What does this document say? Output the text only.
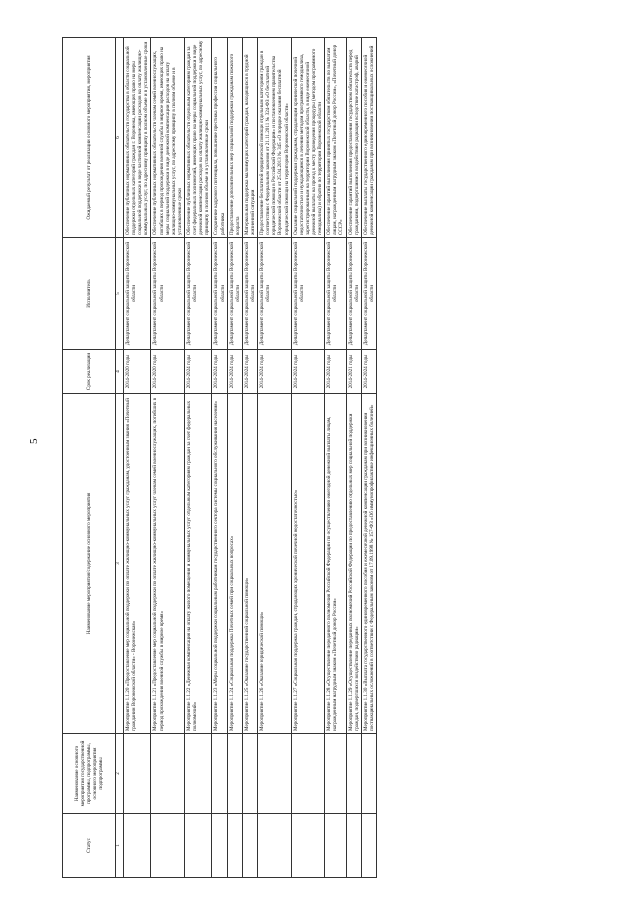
5
Статус	Наименование основного мероприятия государственной программы, подпрограммы, основного мероприятия подпрограммы	Наименование мероприятия/содержание основного мероприятия	Срок реализации	Исполнитель	Ожидаемый результат от реализации основного мероприятия, мероприятия
1	2	3	4	5	6
		Мероприятие 1.1.20 «Предоставление мер социальной поддержки по оплате жилищно-коммунальных услуг гражданам, удостоенным звания «Почетный гражданин Воронежской области» - Воронежская»	2014-2020 годы	Департамент социальной защиты Воронежской области	Обеспечение публичных нормативных обязательств государства в области социальной поддержки отдельных категорий граждан г. Воронежа, имеющих право на меры социальной поддержки в виде частичной компенсации расходов на оплату жилищно-коммунальных услуг, по адресному принципу в полном объеме и в установленные сроки
		Мероприятие 1.1.21 «Предоставление мер социальной поддержки по оплате жилищно-коммунальных услуг членам семей военнослужащих, погибших в период прохождения военной службы в мирное время»	2014-2020 годы	Департамент социальной защиты Воронежской области	Обеспечение публичных нормативных обязательств членам семей военнослужащих, погибших в период прохождения военной службы в мирное время, имеющих право на меры социальной поддержки в виде денежной компенсации расходов на оплату жилищно-коммунальных услуг, по адресному принципу в полном объеме и в установленные сроки
		Мероприятие 1.1.22 «Денежная компенсация на оплату жилого помещения и коммунальных услуг отдельным категориям граждан за счет федеральных полномочий»	2014-2024 годы	Департамент социальной защиты Воронежской области	Обеспечение публичных нормативных обязательств отдельным категориям граждан за счет федеральных полномочий, имеющих право на меры социальной поддержки в виде денежной компенсации расходов на оплату жилищно-коммунальных услуг, по адресному принципу в полном объеме и в установленные сроки
		Мероприятие 1.1.23 «Меры социальной поддержки социальным работникам государственного сектора системы социального обслуживания населения»	2014-2024 годы	Департамент социальной защиты Воронежской области	Сохранение кадрового потенциала, повышение престижа профессии социального работника
		Мероприятие 1.1.24 «Социальная поддержка Почетных семей при социальных вопросах»	2014-2024 годы	Департамент социальной защиты Воронежской области	Предоставление дополнительных мер социальной поддержки гражданам пожилого возраста
		Мероприятие 1.1.25 «Оказание государственной социальной помощи»	2014-2024 годы	Департамент социальной защиты Воронежской области	Материальная поддержка малоимущих категорий граждан, находящихся в трудной жизненной ситуации
		Мероприятие 1.1.26 «Оказание юридической помощи»	2014-2024 годы	Департамент социальной защиты Воронежской области	Предоставление бесплатной юридической помощи отдельным категориям граждан в соответствии с Федеральным законом от 21.11.2011 № 324-ФЗ «О бесплатной юридической помощи в Российской Федерации» и постановлением правительства Воронежской области от 25.04.2013 № 345 «О порядке оказания бесплатной юридической помощи на территории Воронежской области»
		Мероприятие 1.1.27 «Социальная поддержка граждан, страдающих хронической почечной недостаточностью»	2014-2024 годы	Департамент социальной защиты Воронежской области	Оказание социальной поддержки гражданам, страдающим хронической почечной недостаточностью и нуждающимся в лечении методом программного гемодиализа, зарегистрированным на территории Воронежской области, в виде ежемесячной денежной выплаты на проезд к месту проведения процедуры (методом программного гемодиализа) и обратно по территории Воронежской области
		Мероприятие 1.1.28 «Осуществление переданного полномочия Российской Федерации по осуществлению ежегодной денежной выплаты лицам, награжденным нагрудным знаком «Почетный донор России»	2014-2024 годы	Департамент социальной защиты Воронежской области	Обеспечение гарантий выполнения принятых государством обязательств по выплатам лицам, награжденным нагрудным знаком «Почетный донор России», «Почетный донор СССР»
		Мероприятие 1.1.29 «Осуществление переданных полномочий Российской Федерации по предоставлению отдельных мер социальной поддержки граждан, подвергшихся воздействию радиации»	2014-2021 годы	Департамент социальной защиты Воронежской области	Обеспечение гарантий выполнения предоставления государством обязательств перед гражданами, подвергшимися воздействию радиации вследствие катастроф, аварий
		Мероприятие 1.1.30 «Выплата государственного единовременного пособия и ежемесячной денежной компенсации гражданам при возникновении поствакцинальных осложнений в соответствии с Федеральным законом от 17.09.1998 № 157-ФЗ «Об иммунопрофилактике инфекционных болезней»	2014-2024 годы	Департамент социальной защиты Воронежской области	Обеспечение выплаты государственного единовременного пособия и ежемесячной денежной компенсации гражданам при возникновении поствакцинальных осложнений
